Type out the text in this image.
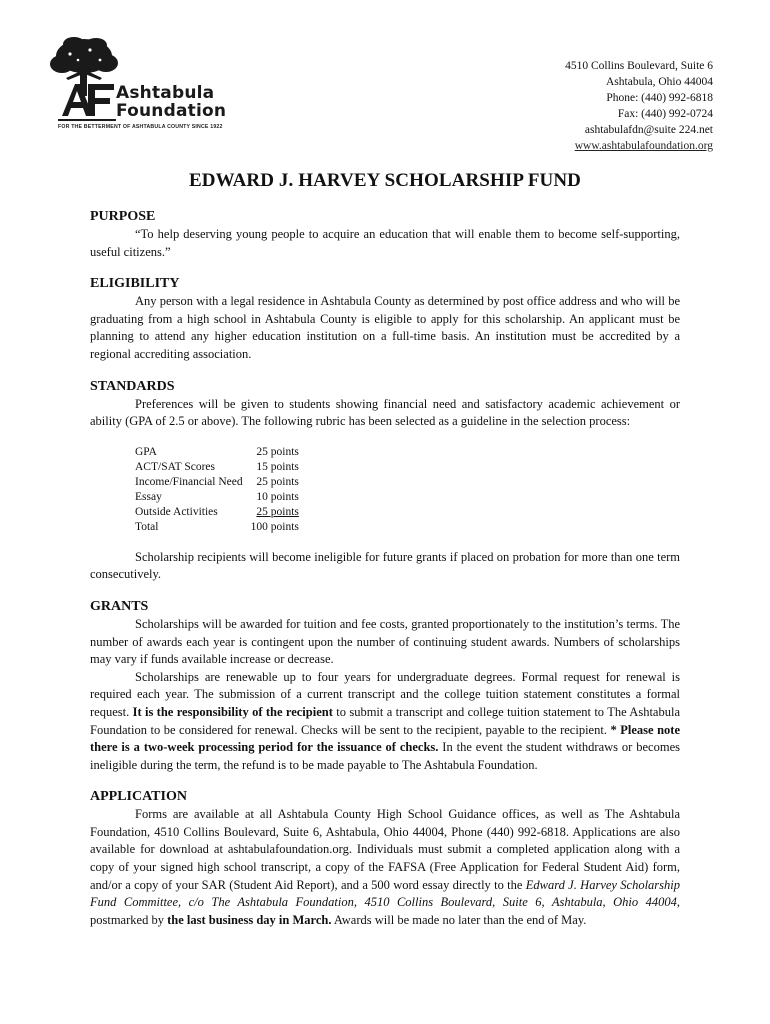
Ashtabula
Foundation
FOR THE BETTERMENT OF ASHTABULA COUNTY SINCE 1922
4510 Collins Boulevard, Suite 6
Ashtabula, Ohio 44004
Phone: (440) 992-6818
Fax: (440) 992-0724
ashtabulafdn@suite 224.net
www.ashtabulafoundation.org
EDWARD J. HARVEY SCHOLARSHIP FUND
PURPOSE

“To help deserving young people to acquire an education that will enable them to become self-supporting, useful citizens.”

ELIGIBILITY

Any person with a legal residence in Ashtabula County as determined by post office address and who will be graduating from a high school in Ashtabula County is eligible to apply for this scholarship. An applicant must be planning to attend any higher education institution on a full-time basis. An institution must be accredited by a regional accrediting association.

STANDARDS

Preferences will be given to students showing financial need and satisfactory academic achievement or ability (GPA of 2.5 or above). The following rubric has been selected as a guideline in the selection process:

GPA	25 points
ACT/SAT Scores	15 points
Income/Financial Need	25 points
Essay	10 points
Outside Activities	25 points
Total	100 points

Scholarship recipients will become ineligible for future grants if placed on probation for more than one term consecutively.

GRANTS

Scholarships will be awarded for tuition and fee costs, granted proportionately to the institution’s terms. The number of awards each year is contingent upon the number of continuing student awards. Numbers of scholarships may vary if funds available increase or decrease.

Scholarships are renewable up to four years for undergraduate degrees. Formal request for renewal is required each year. The submission of a current transcript and the college tuition statement constitutes a formal request. It is the responsibility of the recipient to submit a transcript and college tuition statement to The Ashtabula Foundation to be considered for renewal. Checks will be sent to the recipient, payable to the recipient. * Please note there is a two-week processing period for the issuance of checks. In the event the student withdraws or becomes ineligible during the term, the refund is to be made payable to The Ashtabula Foundation.

APPLICATION

Forms are available at all Ashtabula County High School Guidance offices, as well as The Ashtabula Foundation, 4510 Collins Boulevard, Suite 6, Ashtabula, Ohio 44004, Phone (440) 992-6818. Applications are also available for download at ashtabulafoundation.org. Individuals must submit a completed application along with a copy of your signed high school transcript, a copy of the FAFSA (Free Application for Federal Student Aid) form, and/or a copy of your SAR (Student Aid Report), and a 500 word essay directly to the Edward J. Harvey Scholarship Fund Committee, c/o The Ashtabula Foundation, 4510 Collins Boulevard, Suite 6, Ashtabula, Ohio 44004, postmarked by the last business day in March. Awards will be made no later than the end of May.
